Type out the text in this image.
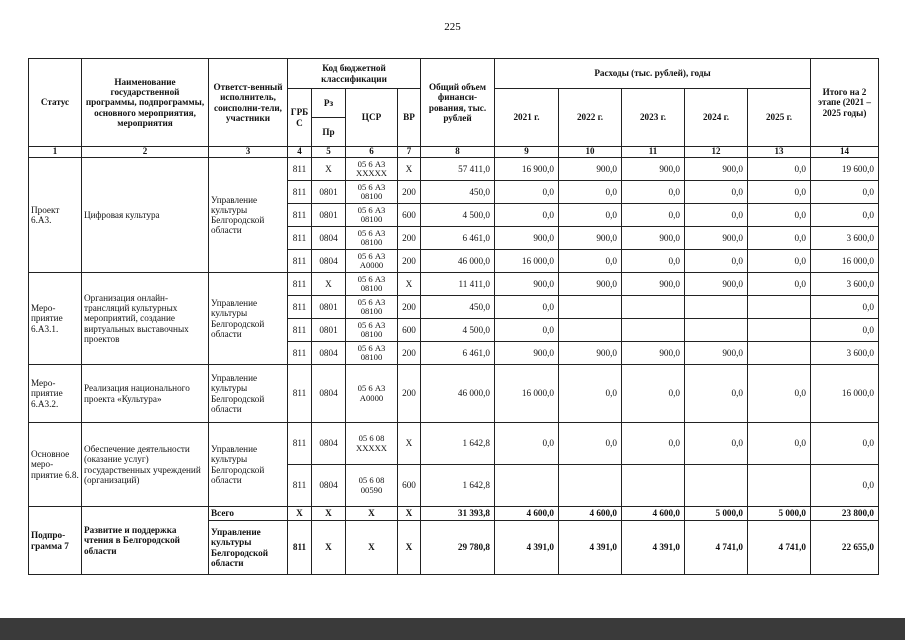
225
Статус	Наименование государственной программы, подпрограммы, основного мероприятия, мероприятия	Ответст-венный исполнитель, соисполни-тели, участники	Код бюджетной классификации				Общий объем финанси-рования, тыс. рублей	Расходы (тыс. рублей), годы					Итого на 2 этапе (2021 – 2025 годы)
			ГРБ С	Рз	ЦСР	ВР		2021 г.	2022 г.	2023 г.	2024 г.	2025 г.	
				Пр									
1	2	3	4	5	6	7	8	9	10	11	12	13	14
Проект 6.А3.	Цифровая культура	Управление культуры Белгородской области	811	Х	05 6 А3 ХХХХХ	Х	57 411,0	16 900,0	900,0	900,0	900,0	0,0	19 600,0
			811	0801	05 6 А3 08100	200	450,0	0,0	0,0	0,0	0,0	0,0	0,0
			811	0801	05 6 А3 08100	600	4 500,0	0,0	0,0	0,0	0,0	0,0	0,0
			811	0804	05 6 А3 08100	200	6 461,0	900,0	900,0	900,0	900,0	0,0	3 600,0
			811	0804	05 6 А3 А0000	200	46 000,0	16 000,0	0,0	0,0	0,0	0,0	16 000,0
Меро-приятие 6.А3.1.	Организация онлайн-трансляций культурных мероприятий, создание виртуальных выставочных проектов	Управление культуры Белгородской области	811	Х	05 6 А3 08100	Х	11 411,0	900,0	900,0	900,0	900,0	0,0	3 600,0
			811	0801	05 6 А3 08100	200	450,0	0,0					0,0
			811	0801	05 6 А3 08100	600	4 500,0	0,0					0,0
			811	0804	05 6 А3 08100	200	6 461,0	900,0	900,0	900,0	900,0		3 600,0
Меро-приятие 6.А3.2.	Реализация национального проекта «Культура»	Управление культуры Белгородской области	811	0804	05 6 А3 А0000	200	46 000,0	16 000,0	0,0	0,0	0,0	0,0	16 000,0
Основное меро-приятие 6.8.	Обеспечение деятельности (оказание услуг) государственных учреждений (организаций)	Управление культуры Белгородской области	811	0804	05 6 08 ХХХХХ	Х	1 642,8	0,0	0,0	0,0	0,0	0,0	0,0
			811	0804	05 6 08 00590	600	1 642,8						0,0
Подпро-грамма 7	Развитие и поддержка чтения в Белгородской области	Всего	Х	Х	Х	Х	31 393,8	4 600,0	4 600,0	4 600,0	5 000,0	5 000,0	23 800,0
		Управление культуры Белгородской области	811	Х	Х	Х	29 780,8	4 391,0	4 391,0	4 391,0	4 741,0	4 741,0	22 655,0
